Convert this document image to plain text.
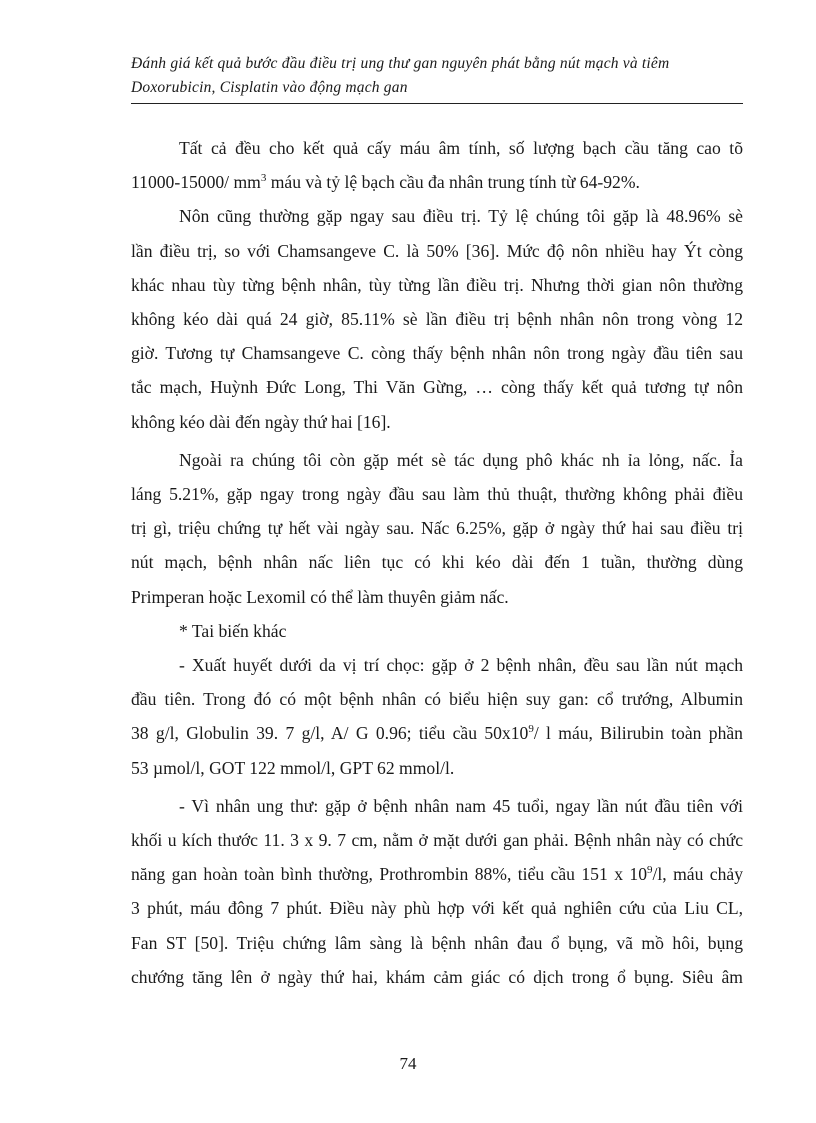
Đánh giá kết quả bước đầu điều trị ung thư gan nguyên phát bằng nút mạch và tiêm
Doxorubicin, Cisplatin vào động mạch gan

Tất cả đều cho kết quả cấy máu âm tính, số lượng bạch cầu tăng cao tõ
11000-15000/ $mm^3$ máu và tỷ lệ bạch cầu đa nhân trung tính từ 64-92%.

Nôn cũng thường gặp ngay sau điều trị. Tỷ lệ chúng tôi gặp là 48.96% sè
lần điều trị, so với Chamsangeve C. là 50% [36]. Mức độ nôn nhiều hay Ýt còng
khác nhau tùy từng bệnh nhân, tùy từng lần điều trị. Nhưng thời gian nôn thường
không kéo dài quá 24 giờ, 85.11% sè lần điều trị bệnh nhân nôn trong vòng 12
giờ. Tương tự Chamsangeve C. còng thấy bệnh nhân nôn trong ngày đầu tiên sau
tắc mạch, Huỳnh Đức Long, Thi Văn Gừng, … còng thấy kết quả tương tự nôn
không kéo dài đến ngày thứ hai [16].

Ngoài ra chúng tôi còn gặp mét sè tác dụng phô khác nh ỉa lỏng, nấc. Ỉa
láng 5.21%, gặp ngay trong ngày đầu sau làm thủ thuật, thường không phải điều
trị gì, triệu chứng tự hết vài ngày sau. Nấc 6.25%, gặp ở ngày thứ hai sau điều trị
nút mạch, bệnh nhân nấc liên tục có khi kéo dài đến 1 tuần, thường dùng
Primperan hoặc Lexomil có thể làm thuyên giảm nấc.

* Tai biến khác

- Xuất huyết dưới da vị trí chọc: gặp ở 2 bệnh nhân, đều sau lần nút mạch
đầu tiên. Trong đó có một bệnh nhân có biểu hiện suy gan: cổ trướng, Albumin
38 g/l, Globulin 39. 7 g/l, A/ G 0.96; tiểu cầu $50x10^9/$ l máu, Bilirubin toàn phần
53 µmol/l, GOT 122 mmol/l, GPT 62 mmol/l.

- Vì nhân ung thư: gặp ở bệnh nhân nam 45 tuổi, ngay lần nút đầu tiên với
khối u kích thước 11. 3 x 9. 7 cm, nằm ở mặt dưới gan phải. Bệnh nhân này có chức
năng gan hoàn toàn bình thường, Prothrombin 88%, tiểu cầu 151 x $10^9/l$, máu chảy
3 phút, máu đông 7 phút. Điều này phù hợp với kết quả nghiên cứu của Liu CL,
Fan ST [50]. Triệu chứng lâm sàng là bệnh nhân đau ổ bụng, vã mồ hôi, bụng
chướng tăng lên ở ngày thứ hai, khám cảm giác có dịch trong ổ bụng. Siêu âm

74
